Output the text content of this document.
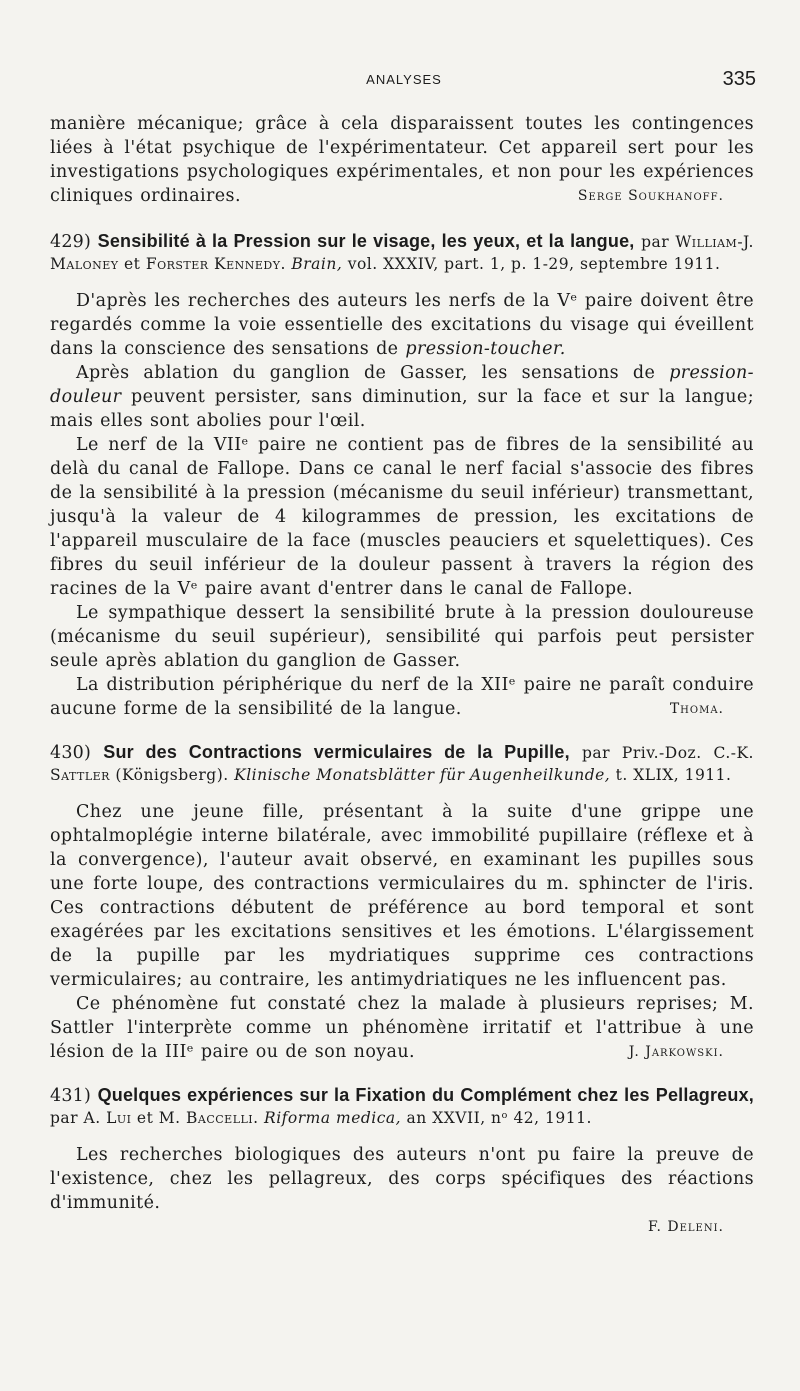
ANALYSES	335

manière mécanique; grâce à cela disparaissent toutes les contingences liées à l'état psychique de l'expérimentateur. Cet appareil sert pour les investigations psychologiques expérimentales, et non pour les expériences cliniques ordinaires.	Serge Soukhanoff.
429) Sensibilité à la Pression sur le visage, les yeux, et la langue, par William-J. Maloney et Forster Kennedy. Brain, vol. XXXIV, part. 1, p. 1-29, septembre 1911.

D'après les recherches des auteurs les nerfs de la Vᵉ paire doivent être regardés comme la voie essentielle des excitations du visage qui éveillent dans la conscience des sensations de pression-toucher.

Après ablation du ganglion de Gasser, les sensations de pression-douleur peuvent persister, sans diminution, sur la face et sur la langue; mais elles sont abolies pour l'œil.

Le nerf de la VIIᵉ paire ne contient pas de fibres de la sensibilité au delà du canal de Fallope. Dans ce canal le nerf facial s'associe des fibres de la sensibilité à la pression (mécanisme du seuil inférieur) transmettant, jusqu'à la valeur de 4 kilogrammes de pression, les excitations de l'appareil musculaire de la face (muscles peauciers et squelettiques). Ces fibres du seuil inférieur de la douleur passent à travers la région des racines de la Vᵉ paire avant d'entrer dans le canal de Fallope.

Le sympathique dessert la sensibilité brute à la pression douloureuse (mécanisme du seuil supérieur), sensibilité qui parfois peut persister seule après ablation du ganglion de Gasser.

La distribution périphérique du nerf de la XIIᵉ paire ne paraît conduire aucune forme de la sensibilité de la langue.	Thoma.
430) Sur des Contractions vermiculaires de la Pupille, par Priv.-Doz. C.-K. Sattler (Königsberg). Klinische Monatsblätter für Augenheilkunde, t. XLIX, 1911.

Chez une jeune fille, présentant à la suite d'une grippe une ophtalmoplégie interne bilatérale, avec immobilité pupillaire (réflexe et à la convergence), l'auteur avait observé, en examinant les pupilles sous une forte loupe, des contractions vermiculaires du m. sphincter de l'iris. Ces contractions débutent de préférence au bord temporal et sont exagérées par les excitations sensitives et les émotions. L'élargissement de la pupille par les mydriatiques supprime ces contractions vermiculaires; au contraire, les antimydriatiques ne les influencent pas.

Ce phénomène fut constaté chez la malade à plusieurs reprises; M. Sattler l'interprète comme un phénomène irritatif et l'attribue à une lésion de la IIIᵉ paire ou de son noyau.	J. Jarkowski.
431) Quelques expériences sur la Fixation du Complément chez les Pellagreux, par A. Lui et M. Baccelli. Riforma medica, an XXVII, nᵒ 42, 1911.

Les recherches biologiques des auteurs n'ont pu faire la preuve de l'existence, chez les pellagreux, des corps spécifiques des réactions d'immunité.

F. Deleni.
